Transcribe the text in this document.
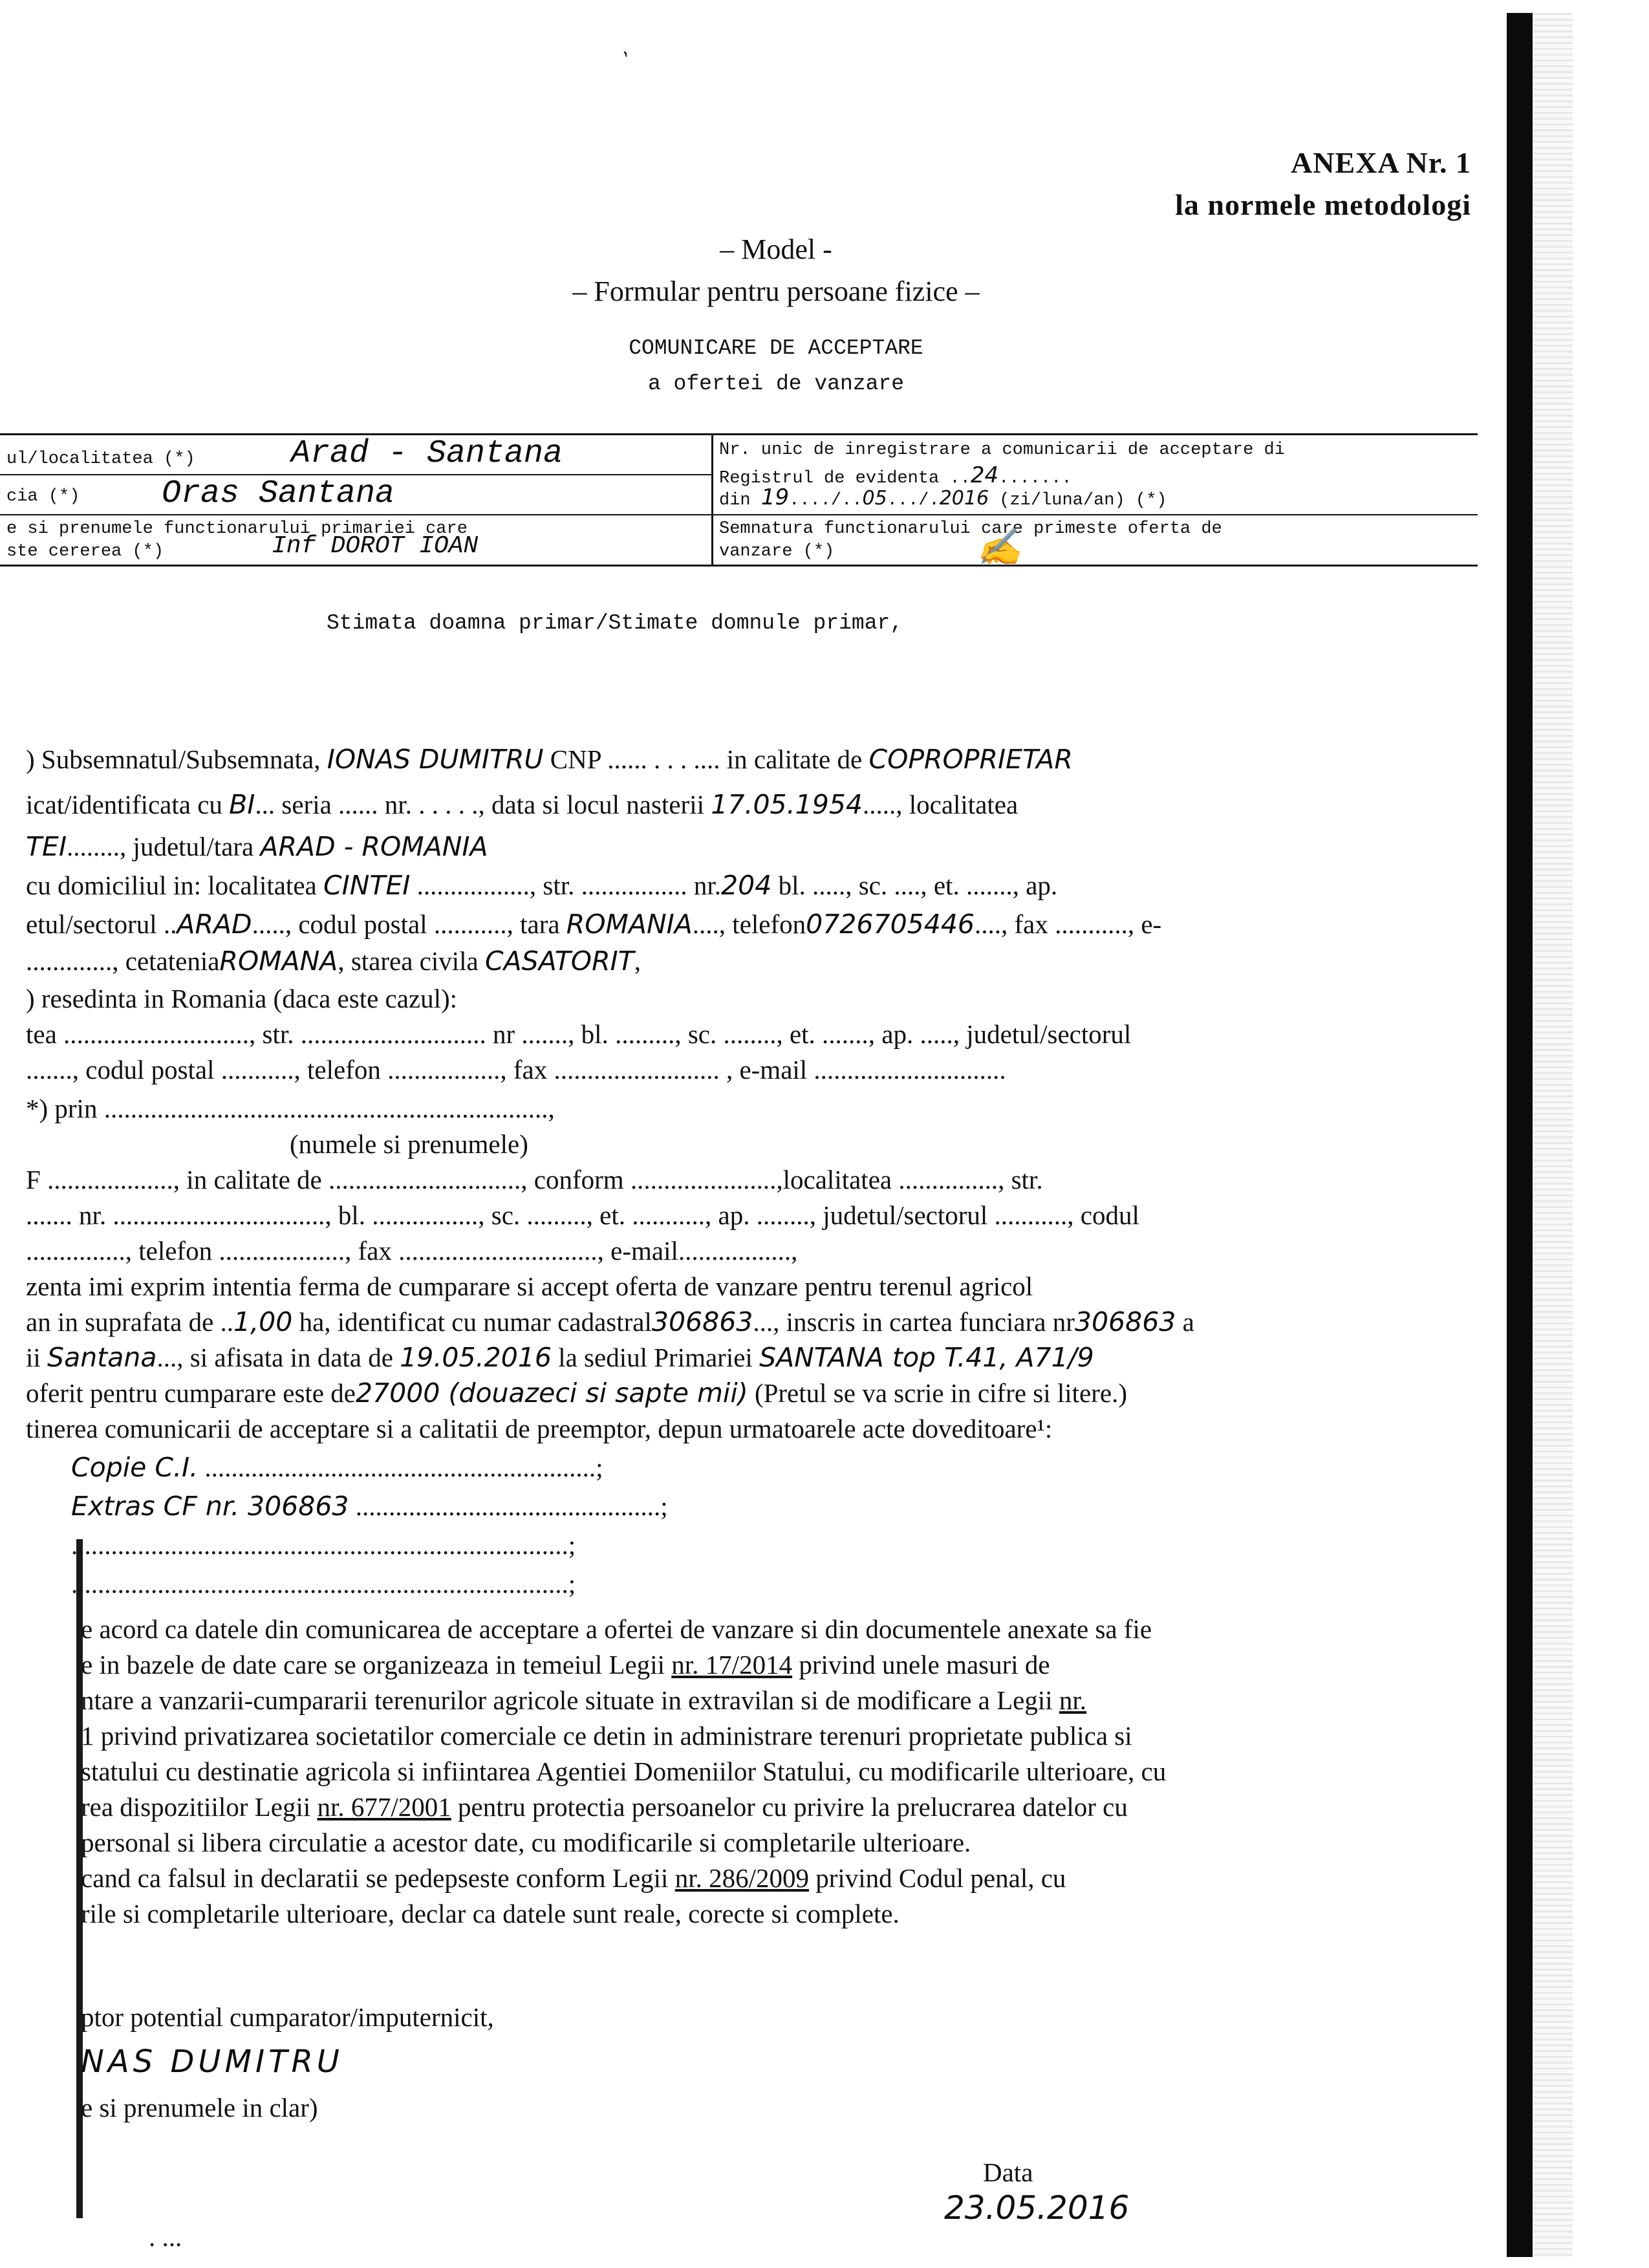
ˋ
ANEXA Nr. 1
la normele metodologi
– Model -
– Formular pentru persoane fizice –
COMUNICARE DE ACCEPTARE
a ofertei de vanzare
ul/localitatea (*)	Arad - Santana
cia (*)	Oras Santana
e si prenumele functionarului primariei care
ste cererea (*)	Inf DOROT IOAN
Nr. unic de inregistrare a comunicarii de acceptare di
Registrul de evidenta ..24.......
din 19..../..05.../.2016 (zi/luna/an) (*)
Semnatura functionarului care primeste oferta de
vanzare (*)	✍
Stimata doamna primar/Stimate domnule primar,
) Subsemnatul/Subsemnata, IONAS DUMITRU CNP ...... . . . .... in calitate de COPROPRIETAR
icat/identificata cu BI... seria ...... nr. . . . . ., data si locul nasterii 17.05.1954....., localitatea
TEI........, judetul/tara ARAD - ROMANIA
cu domiciliul in: localitatea CINTEI ................., str. ................ nr.204 bl. ....., sc. ...., et. ......., ap.
etul/sectorul ..ARAD....., codul postal ..........., tara ROMANIA...., telefon0726705446...., fax ..........., e-
............., cetateniaROMANA, starea civila CASATORIT,
) resedinta in Romania (daca este cazul):
tea ............................, str. ............................ nr ......., bl. ........., sc. ........, et. ......., ap. ....., judetul/sectorul
......., codul postal ..........., telefon ................., fax ......................... , e-mail .............................
*) prin ...................................................................,
(numele si prenumele)
F ..................., in calitate de ............................., conform ......................,localitatea ..............., str.
....... nr. ................................, bl. ................, sc. ........., et. ..........., ap. ........, judetul/sectorul ..........., codul
..............., telefon ..................., fax .............................., e-mail.................,
zenta imi exprim intentia ferma de cumparare si accept oferta de vanzare pentru terenul agricol
an in suprafata de ..1,00 ha, identificat cu numar cadastral306863..., inscris in cartea funciara nr306863 a
ii Santana..., si afisata in data de 19.05.2016 la sediul Primariei SANTANA top T.41, A71/9
oferit pentru cumparare este de27000 (douazeci si sapte mii) (Pretul se va scrie in cifre si litere.)
tinerea comunicarii de acceptare si a calitatii de preemptor, depun urmatoarele acte doveditoare¹:
Copie C.I. ...........................................................;
Extras CF nr. 306863 ..............................................;
...........................................................................;
...........................................................................;
e acord ca datele din comunicarea de acceptare a ofertei de vanzare si din documentele anexate sa fie
e in bazele de date care se organizeaza in temeiul Legii nr. 17/2014 privind unele masuri de
ntare a vanzarii-cumpararii terenurilor agricole situate in extravilan si de modificare a Legii nr.
1 privind privatizarea societatilor comerciale ce detin in administrare terenuri proprietate publica si
statului cu destinatie agricola si infiintarea Agentiei Domeniilor Statului, cu modificarile ulterioare, cu
rea dispozitiilor Legii nr. 677/2001 pentru protectia persoanelor cu privire la prelucrarea datelor cu
personal si libera circulatie a acestor date, cu modificarile si completarile ulterioare.
cand ca falsul in declaratii se pedepseste conform Legii nr. 286/2009 privind Codul penal, cu
rile si completarile ulterioare, declar ca datele sunt reale, corecte si complete.
ptor potential cumparator/imputernicit,
NAS DUMITRU
e si prenumele in clar)
Data
23.05.2016
. ...
